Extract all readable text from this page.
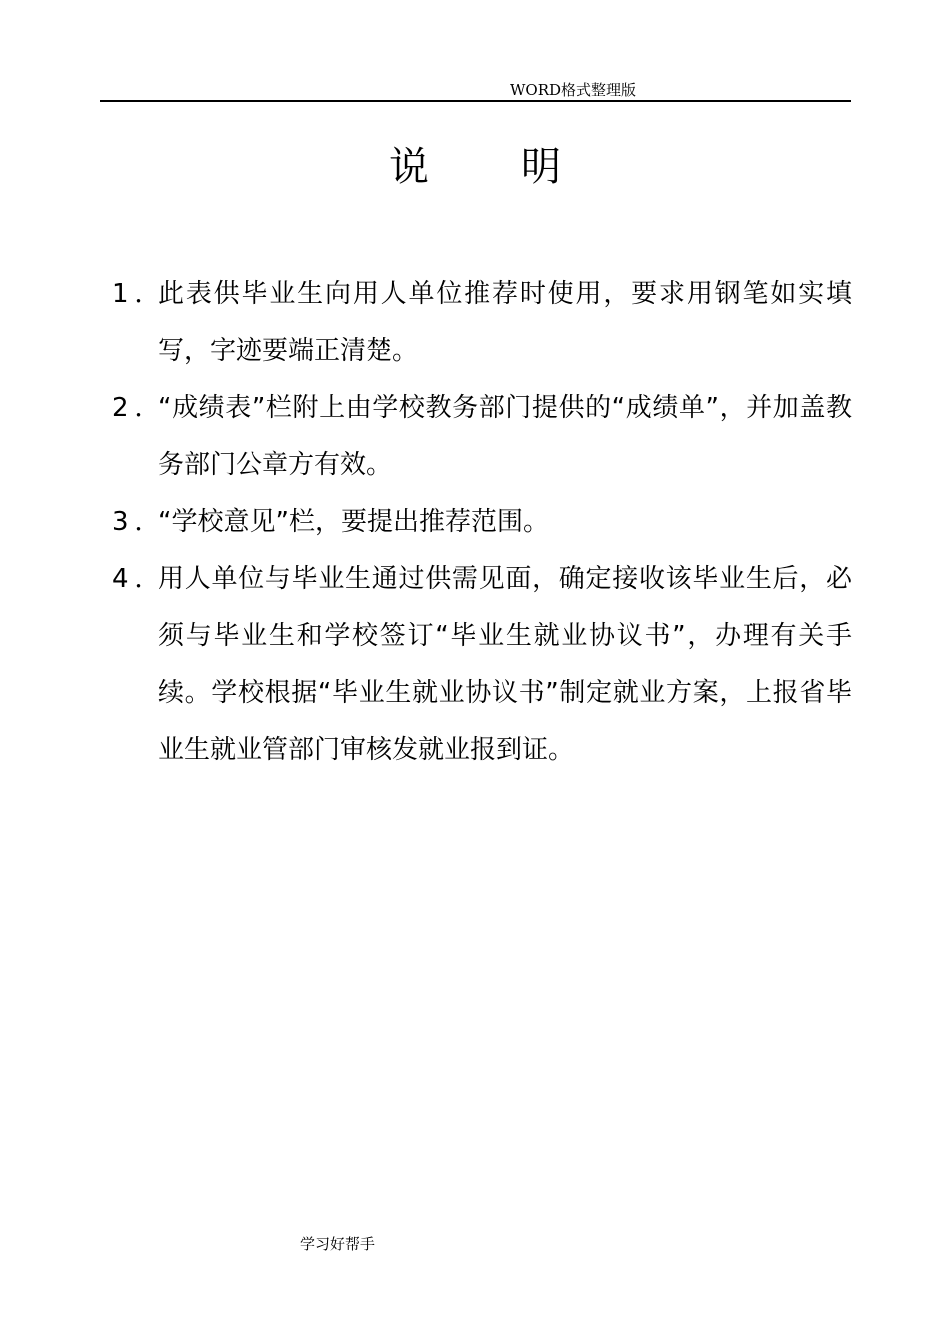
WORD格式整理版
说 明
1．
此表供毕业生向用人单位推荐时使用，要求用钢笔如实填写，字迹要端正清楚。
2．
“成绩表”栏附上由学校教务部门提供的“成绩单”，并加盖教务部门公章方有效。
3．
“学校意见”栏，要提出推荐范围。
4．
用人单位与毕业生通过供需见面，确定接收该毕业生后，必须与毕业生和学校签订“毕业生就业协议书”，办理有关手续。学校根据“毕业生就业协议书”制定就业方案，上报省毕业生就业管部门审核发就业报到证。
学习好帮手
